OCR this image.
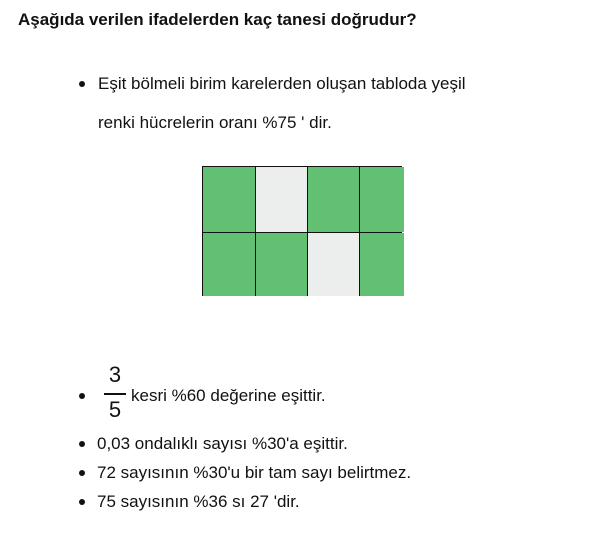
Aşağıda verilen ifadelerden kaç tanesi doğrudur?
Eşit bölmeli birim karelerden oluşan tabloda yeşil
renki hücrelerin oranı %75 ' dir.
3
5
kesri %60 değerine eşittir.
0,03 ondalıklı sayısı %30'a eşittir.
72 sayısının %30'u bir tam sayı belirtmez.
75 sayısının %36 sı 27 'dir.
